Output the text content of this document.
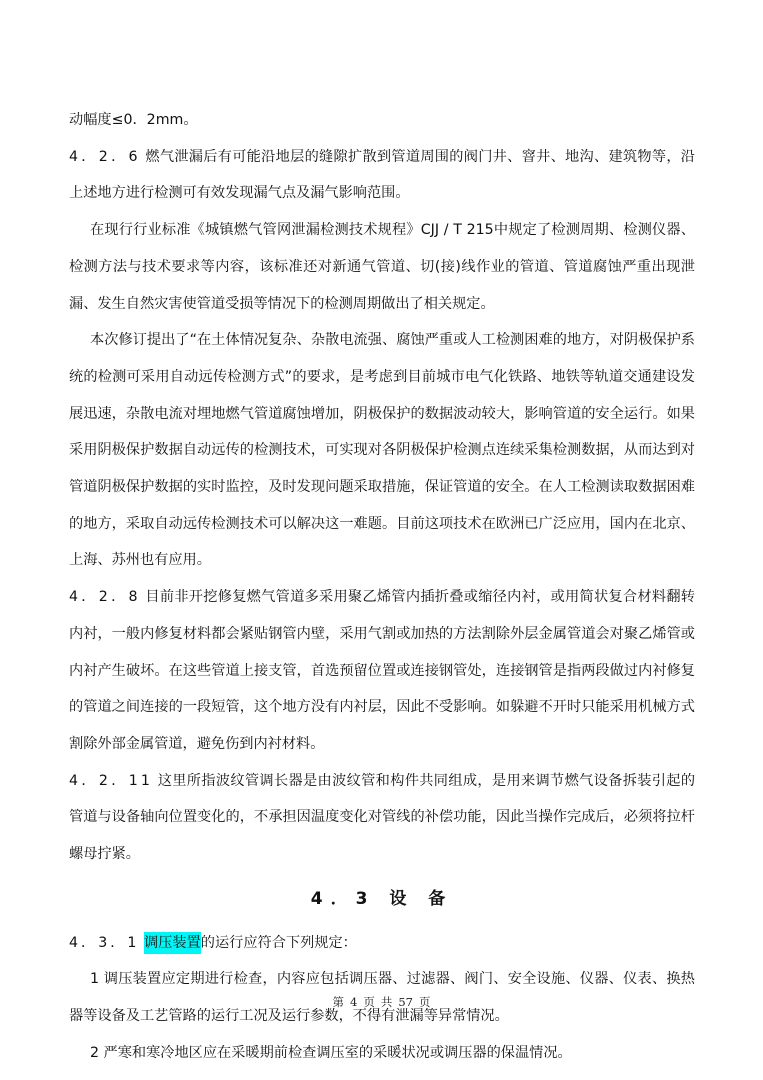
动幅度≤0．2mm。

4．2．6 燃气泄漏后有可能沿地层的缝隙扩散到管道周围的阀门井、窨井、地沟、建筑物等，沿上述地方进行检测可有效发现漏气点及漏气影响范围。

在现行行业标准《城镇燃气管网泄漏检测技术规程》CJJ / T 215中规定了检测周期、检测仪器、检测方法与技术要求等内容，该标准还对新通气管道、切(接)线作业的管道、管道腐蚀严重出现泄漏、发生自然灾害使管道受损等情况下的检测周期做出了相关规定。

本次修订提出了“在土体情况复杂、杂散电流强、腐蚀严重或人工检测困难的地方，对阴极保护系统的检测可采用自动远传检测方式”的要求，是考虑到目前城市电气化铁路、地铁等轨道交通建设发展迅速，杂散电流对埋地燃气管道腐蚀增加，阴极保护的数据波动较大，影响管道的安全运行。如果采用阴极保护数据自动远传的检测技术，可实现对各阴极保护检测点连续采集检测数据，从而达到对管道阴极保护数据的实时监控，及时发现问题采取措施，保证管道的安全。在人工检测读取数据困难的地方，采取自动远传检测技术可以解决这一难题。目前这项技术在欧洲已广泛应用，国内在北京、上海、苏州也有应用。

4．2．8 目前非开挖修复燃气管道多采用聚乙烯管内插折叠或缩径内衬，或用简状复合材料翻转内衬，一般内修复材料都会紧贴钢管内壁，采用气割或加热的方法割除外层金属管道会对聚乙烯管或内衬产生破坏。在这些管道上接支管，首选预留位置或连接钢管处，连接钢管是指两段做过内衬修复的管道之间连接的一段短管，这个地方没有内衬层，因此不受影响。如躲避不开时只能采用机械方式割除外部金属管道，避免伤到内衬材料。

4．2．11 这里所指波纹管调长器是由波纹管和构件共同组成，是用来调节燃气设备拆装引起的管道与设备轴向位置变化的，不承担因温度变化对管线的补偿功能，因此当操作完成后，必须将拉杆螺母拧紧。

4．3 设 备

4．3．1 调压装置的运行应符合下列规定：

1 调压装置应定期进行检查，内容应包括调压器、过滤器、阀门、安全设施、仪器、仪表、换热器等设备及工艺管路的运行工况及运行参数，不得有泄漏等异常情况。

2 严寒和寒冷地区应在采暖期前检查调压室的采暖状况或调压器的保温情况。

第 4 页 共 57 页
